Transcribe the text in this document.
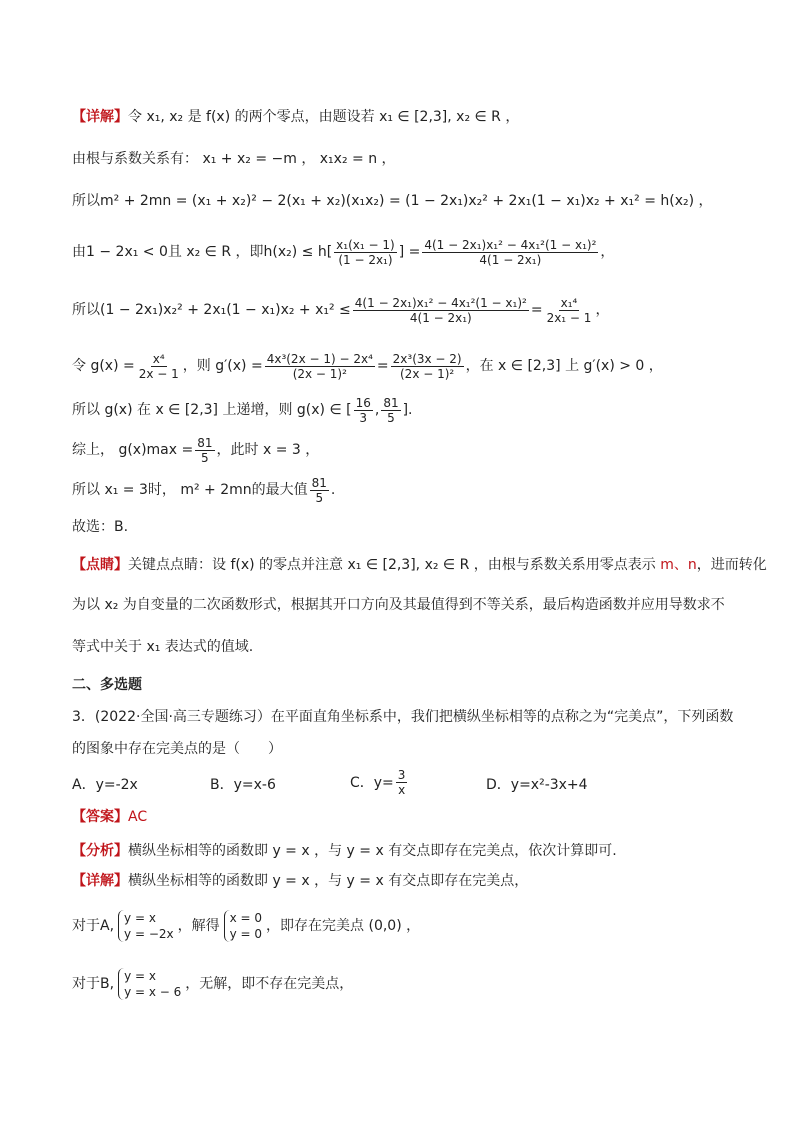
【详解】令 x₁, x₂ 是 f(x) 的两个零点，由题设若 x₁ ∈ [2,3], x₂ ∈ R ，
由根与系数关系有： x₁ + x₂ = −m ， x₁x₂ = n ，
所以m² + 2mn = (x₁ + x₂)² − 2(x₁ + x₂)(x₁x₂) = (1 − 2x₁)x₂² + 2x₁(1 − x₁)x₂ + x₁² = h(x₂) ，
由1 − 2x₁ < 0且 x₂ ∈ R ，即$h(x_2) \le h[ \frac{\text{x₁(x₁ − 1)}}{\text{(1 − 2x₁)}}$ ] = $\frac{\text{4(1 − 2x₁)x₁² − 4x₁²(1 − x₁)²}}{\text{4(1 − 2x₁)}}$ ，
所以$(1 - 2x_1)x_2^2 + 2x_1(1 - x_1)x_2 + x_1^2 \le \frac{\text{4(1 − 2x₁)x₁² − 4x₁²(1 − x₁)²}}{\text{4(1 − 2x₁)}} = \frac{\text{x₁⁴}}{\text{2x₁ − 1}}$ ，
令 $g(x) = \frac{\text{x⁴}}{2x - 1}$ ，则 $g'(x) = \frac{\text{4x³(2x − 1) − 2x⁴}}{\text{(2x − 1)²}} = \frac{\text{2x³(3x − 2)}}{\text{(2x − 1)²}}$ ，在 x ∈ [2,3] 上 g′(x) > 0 ，
所以 g(x) 在 x ∈ [2,3] 上递增，则 g(x) ∈ [ $\frac{16}{3}$ , $\frac{81}{5}$ ].
综上， $g(x)\max = \frac{81}{5}$ ，此时 x = 3 ，
所以 x₁ = 3时， m² + 2mn的最大值 $\frac{81}{5}$ .
故选：B.
【点睛】关键点点睛：设 f(x) 的零点并注意 x₁ ∈ [2,3], x₂ ∈ R ，由根与系数关系用零点表示 m、n，进而转化
为以 x₂ 为自变量的二次函数形式，根据其开口方向及其最值得到不等关系，最后构造函数并应用导数求不
等式中关于 x₁ 表达式的值域.
二、多选题
3．(2022·全国·高三专题练习）在平面直角坐标系中，我们把横纵坐标相等的点称之为“完美点”，下列函数
的图象中存在完美点的是（　　）
A．y=-2x	B．y=x-6	C．$y= \frac{3}{x}$	D．y=x²-3x+4
【答案】AC
【分析】横纵坐标相等的函数即 y = x ，与 y = x 有交点即存在完美点，依次计算即可.
【详解】横纵坐标相等的函数即 y = x ，与 y = x 有交点即存在完美点，
对于A, y = x
y = −2x ，解得 x = 0
y = 0 ，即存在完美点 (0,0) ，
对于B, y = x
y = x − 6 ，无解，即不存在完美点，
